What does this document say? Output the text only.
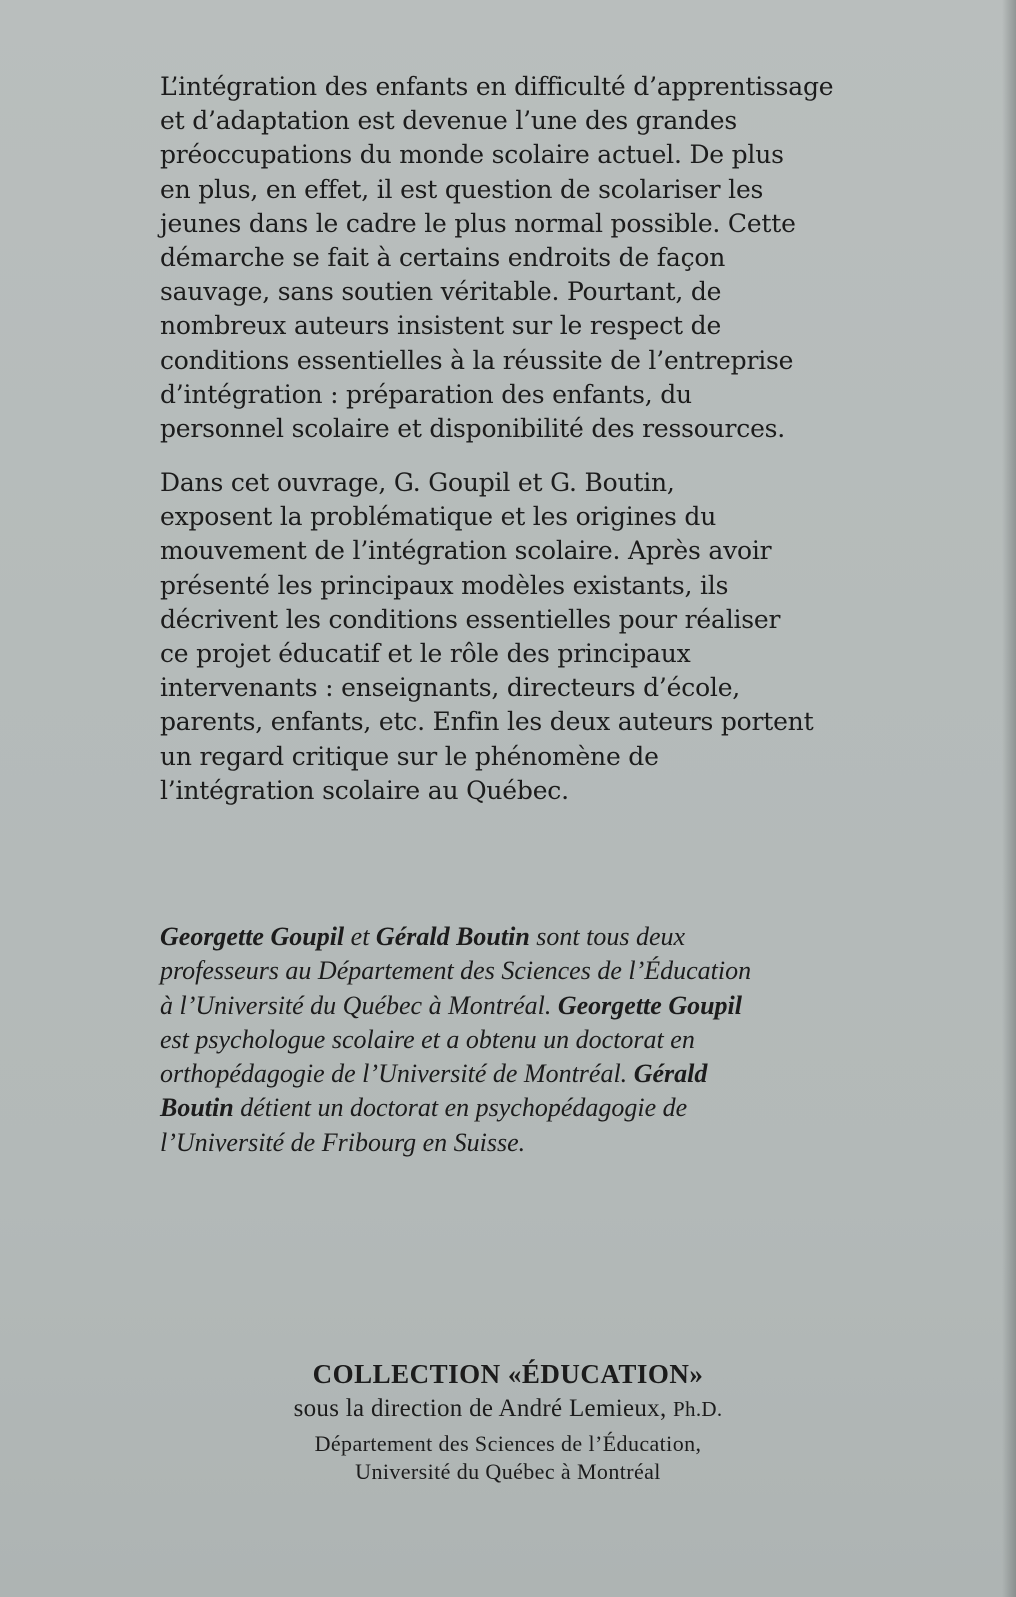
L’intégration des enfants en difficulté d’apprentissage
et d’adaptation est devenue l’une des grandes
préoccupations du monde scolaire actuel. De plus
en plus, en effet, il est question de scolariser les
jeunes dans le cadre le plus normal possible. Cette
démarche se fait à certains endroits de façon
sauvage, sans soutien véritable. Pourtant, de
nombreux auteurs insistent sur le respect de
conditions essentielles à la réussite de l’entreprise
d’intégration : préparation des enfants, du
personnel scolaire et disponibilité des ressources.
Dans cet ouvrage, G. Goupil et G. Boutin,
exposent la problématique et les origines du
mouvement de l’intégration scolaire. Après avoir
présenté les principaux modèles existants, ils
décrivent les conditions essentielles pour réaliser
ce projet éducatif et le rôle des principaux
intervenants : enseignants, directeurs d’école,
parents, enfants, etc. Enfin les deux auteurs portent
un regard critique sur le phénomène de
l’intégration scolaire au Québec.
Georgette Goupil et Gérald Boutin sont tous deux
professeurs au Département des Sciences de l’Éducation
à l’Université du Québec à Montréal. Georgette Goupil
est psychologue scolaire et a obtenu un doctorat en
orthopédagogie de l’Université de Montréal. Gérald
Boutin détient un doctorat en psychopédagogie de
l’Université de Fribourg en Suisse.
COLLECTION «ÉDUCATION»
sous la direction de André Lemieux, Ph.D.
Département des Sciences de l’Éducation,
Université du Québec à Montréal
